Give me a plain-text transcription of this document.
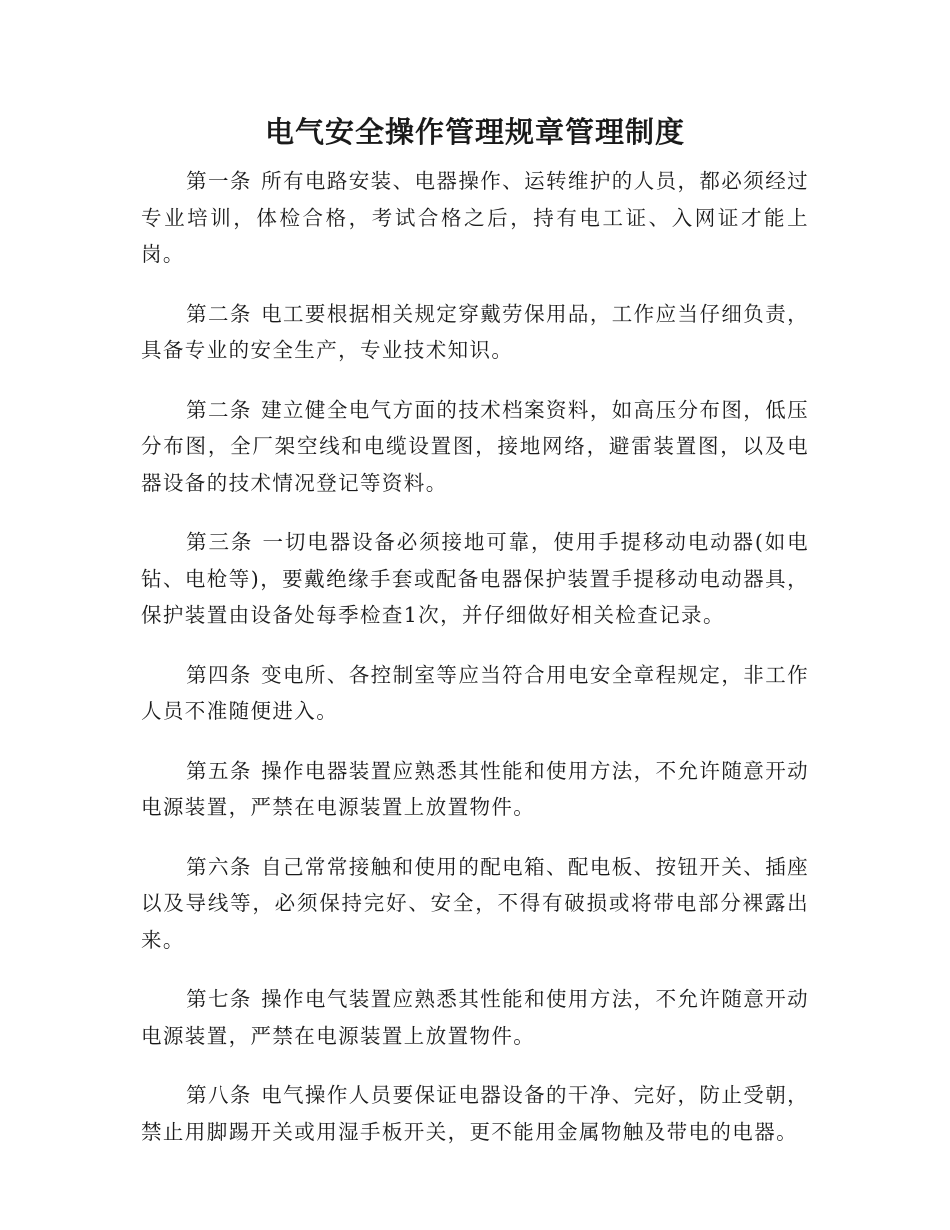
电气安全操作管理规章管理制度

第一条 所有电路安装、电器操作、运转维护的人员，都必须经过专业培训，体检合格，考试合格之后，持有电工证、入网证才能上岗。

第二条 电工要根据相关规定穿戴劳保用品，工作应当仔细负责，具备专业的安全生产，专业技术知识。

第二条 建立健全电气方面的技术档案资料，如高压分布图，低压分布图，全厂架空线和电缆设置图，接地网络，避雷装置图，以及电器设备的技术情况登记等资料。

第三条 一切电器设备必须接地可靠，使用手提移动电动器(如电钻、电枪等)，要戴绝缘手套或配备电器保护装置手提移动电动器具，保护装置由设备处每季检查1次，并仔细做好相关检查记录。

第四条 变电所、各控制室等应当符合用电安全章程规定，非工作人员不准随便进入。

第五条 操作电器装置应熟悉其性能和使用方法，不允许随意开动电源装置，严禁在电源装置上放置物件。

第六条 自己常常接触和使用的配电箱、配电板、按钮开关、插座以及导线等，必须保持完好、安全，不得有破损或将带电部分裸露出来。

第七条 操作电气装置应熟悉其性能和使用方法，不允许随意开动电源装置，严禁在电源装置上放置物件。

第八条 电气操作人员要保证电器设备的干净、完好，防止受朝，禁止用脚踢开关或用湿手板开关，更不能用金属物触及带电的电器。
